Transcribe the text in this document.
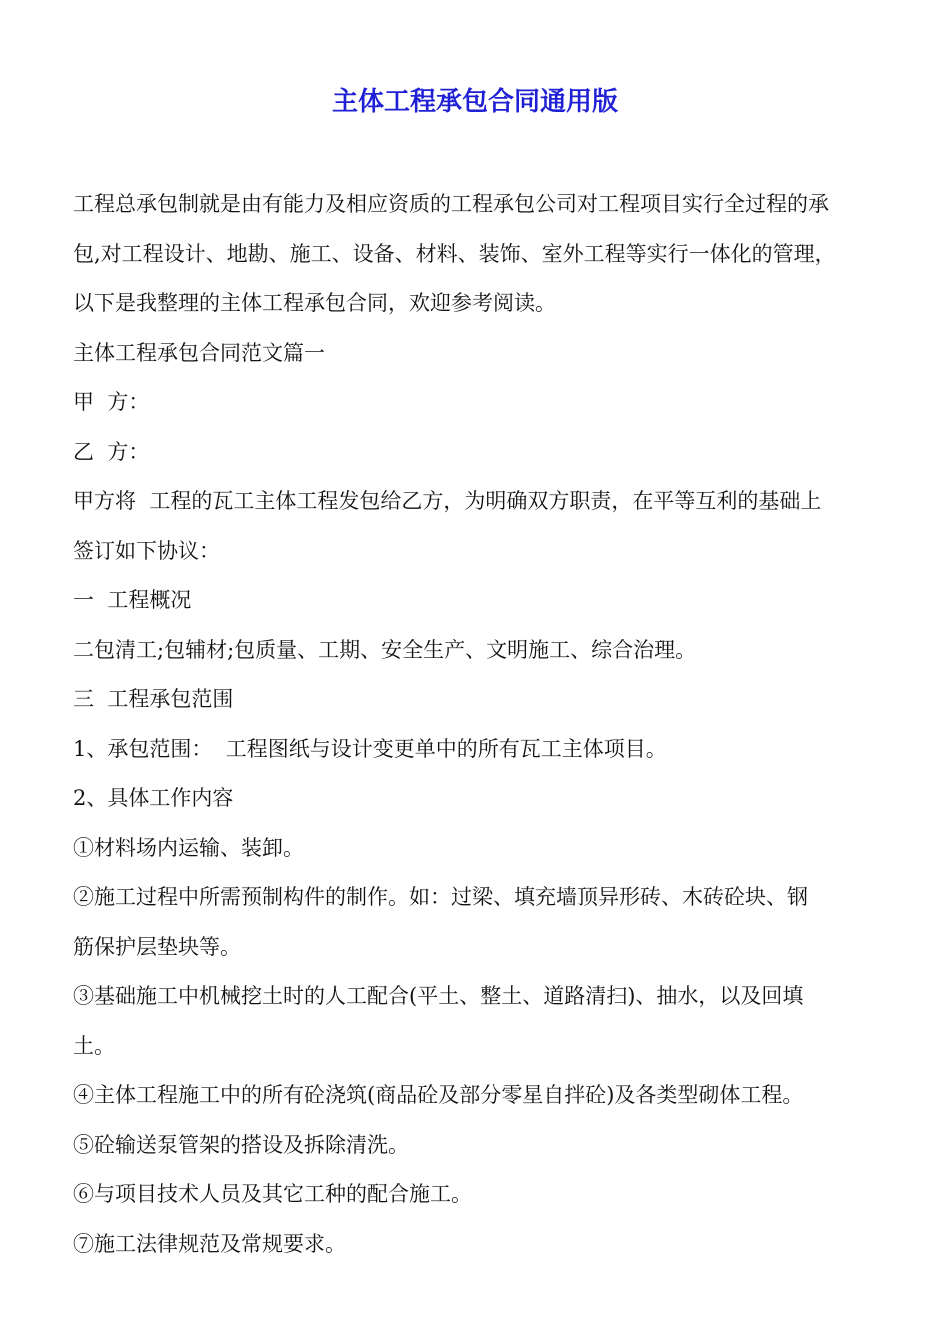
主体工程承包合同通用版

工程总承包制就是由有能力及相应资质的工程承包公司对工程项目实行全过程的承

包,对工程设计、地勘、施工、设备、材料、装饰、室外工程等实行一体化的管理，

以下是我整理的主体工程承包合同，欢迎参考阅读。

主体工程承包合同范文篇一

甲  方：

乙  方：

甲方将  工程的瓦工主体工程发包给乙方，为明确双方职责，在平等互利的基础上

签订如下协议：

一  工程概况

二包清工;包辅材;包质量、工期、安全生产、文明施工、综合治理。

三  工程承包范围

1、承包范围：  工程图纸与设计变更单中的所有瓦工主体项目。

2、具体工作内容

①材料场内运输、装卸。

②施工过程中所需预制构件的制作。如：过梁、填充墙顶异形砖、木砖砼块、钢

筋保护层垫块等。

③基础施工中机械挖土时的人工配合(平土、整土、道路清扫)、抽水，以及回填

土。

④主体工程施工中的所有砼浇筑(商品砼及部分零星自拌砼)及各类型砌体工程。

⑤砼输送泵管架的搭设及拆除清洗。

⑥与项目技术人员及其它工种的配合施工。

⑦施工法律规范及常规要求。
